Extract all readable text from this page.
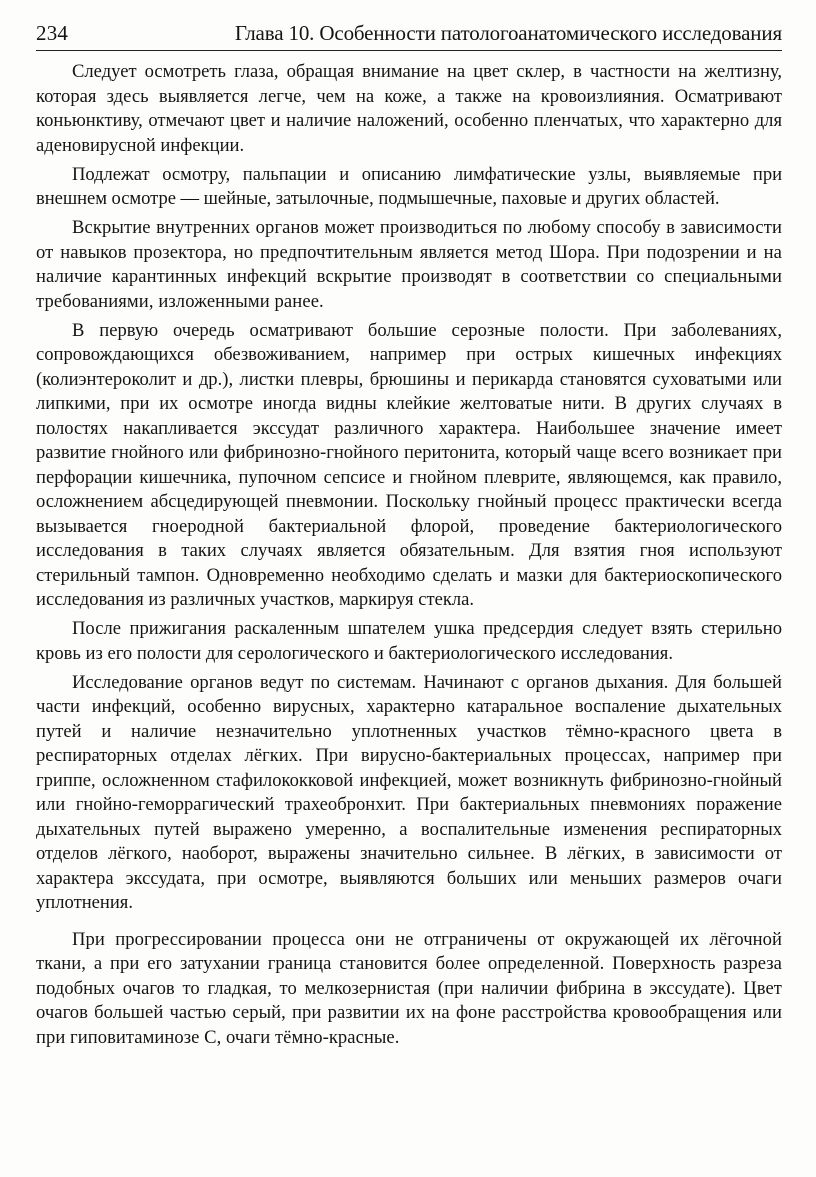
234	Глава 10. Особенности патологоанатомического исследования

Следует осмотреть глаза, обращая внимание на цвет склер, в частности на желтизну, которая здесь выявляется легче, чем на коже, а также на кровоизлияния. Осматривают коньюнктиву, отмечают цвет и наличие наложений, особенно пленчатых, что характерно для аденовирусной инфекции.

Подлежат осмотру, пальпации и описанию лимфатические узлы, выявляемые при внешнем осмотре — шейные, затылочные, подмышечные, паховые и других областей.

Вскрытие внутренних органов может производиться по любому способу в зависимости от навыков прозектора, но предпочтительным является метод Шора. При подозрении и на наличие карантинных инфекций вскрытие производят в соответствии со специальными требованиями, изложенными ранее.

В первую очередь осматривают большие серозные полости. При заболеваниях, сопровождающихся обезвоживанием, например при острых кишечных инфекциях (колиэнтероколит и др.), листки плевры, брюшины и перикарда становятся суховатыми или липкими, при их осмотре иногда видны клейкие желтоватые нити. В других случаях в полостях накапливается экссудат различного характера. Наибольшее значение имеет развитие гнойного или фибринозно-гнойного перитонита, который чаще всего возникает при перфорации кишечника, пупочном сепсисе и гнойном плеврите, являющемся, как правило, осложнением абсцедирующей пневмонии. Поскольку гнойный процесс практически всегда вызывается гноеродной бактериальной флорой, проведение бактериологического исследования в таких случаях является обязательным. Для взятия гноя используют стерильный тампон. Одновременно необходимо сделать и мазки для бактериоскопического исследования из различных участков, маркируя стекла.

После прижигания раскаленным шпателем ушка предсердия следует взять стерильно кровь из его полости для серологического и бактериологического исследования.

Исследование органов ведут по системам. Начинают с органов дыхания. Для большей части инфекций, особенно вирусных, характерно катаральное воспаление дыхательных путей и наличие незначительно уплотненных участков тёмно-красного цвета в респираторных отделах лёгких. При вирусно-бактериальных процессах, например при гриппе, осложненном стафилококковой инфекцией, может возникнуть фибринозно-гнойный или гнойно-геморрагический трахеобронхит. При бактериальных пневмониях поражение дыхательных путей выражено умеренно, а воспалительные изменения респираторных отделов лёгкого, наоборот, выражены значительно сильнее. В лёгких, в зависимости от характера экссудата, при осмотре, выявляются больших или меньших размеров очаги уплотнения.

При прогрессировании процесса они не отграничены от окружающей их лёгочной ткани, а при его затухании граница становится более определенной. Поверхность разреза подобных очагов то гладкая, то мелкозернистая (при наличии фибрина в экссудате). Цвет очагов большей частью серый, при развитии их на фоне расстройства кровообращения или при гиповитаминозе С, очаги тёмно-красные.
